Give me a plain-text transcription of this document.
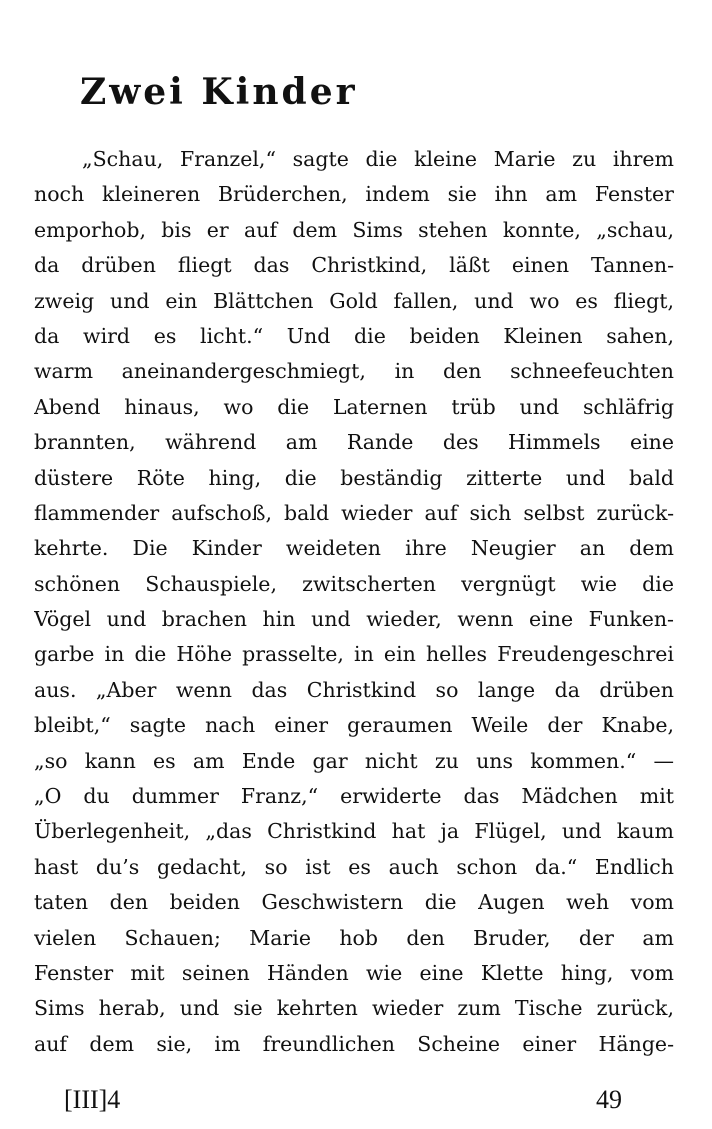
Zwei Kinder
„Schau, Franzel,“ sagte die kleine Marie zu ihrem
noch kleineren Brüderchen, indem sie ihn am Fenster
emporhob, bis er auf dem Sims stehen konnte, „schau,
da drüben fliegt das Christkind, läßt einen Tannen-
zweig und ein Blättchen Gold fallen, und wo es fliegt,
da wird es licht.“ Und die beiden Kleinen sahen,
warm aneinandergeschmiegt, in den schneefeuchten
Abend hinaus, wo die Laternen trüb und schläfrig
brannten, während am Rande des Himmels eine
düstere Röte hing, die beständig zitterte und bald
flammender aufschoß, bald wieder auf sich selbst zurück-
kehrte. Die Kinder weideten ihre Neugier an dem
schönen Schauspiele, zwitscherten vergnügt wie die
Vögel und brachen hin und wieder, wenn eine Funken-
garbe in die Höhe prasselte, in ein helles Freudengeschrei
aus. „Aber wenn das Christkind so lange da drüben
bleibt,“ sagte nach einer geraumen Weile der Knabe,
„so kann es am Ende gar nicht zu uns kommen.“ —
„O du dummer Franz,“ erwiderte das Mädchen mit
Überlegenheit, „das Christkind hat ja Flügel, und kaum
hast du’s gedacht, so ist es auch schon da.“ Endlich
taten den beiden Geschwistern die Augen weh vom
vielen Schauen; Marie hob den Bruder, der am
Fenster mit seinen Händen wie eine Klette hing, vom
Sims herab, und sie kehrten wieder zum Tische zurück,
auf dem sie, im freundlichen Scheine einer Hänge-
[III]4	49
